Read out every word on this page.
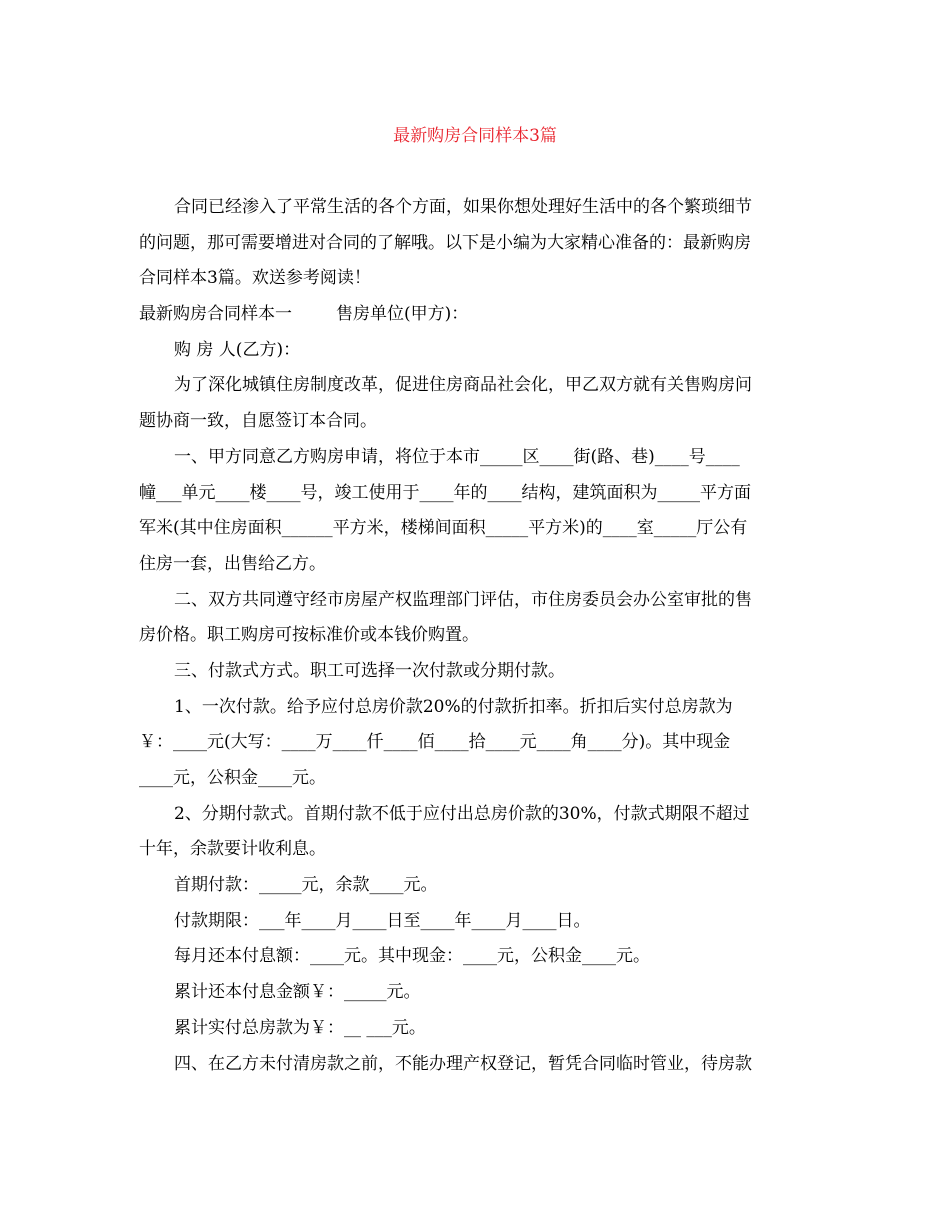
最新购房合同样本3篇
合同已经渗入了平常生活的各个方面，如果你想处理好生活中的各个繁琐细节
的问题，那可需要增进对合同的了解哦。以下是小编为大家精心准备的：最新购房
合同样本3篇。欢送参考阅读！
最新购房合同样本一	售房单位(甲方)：
购 房 人(乙方)：
为了深化城镇住房制度改革，促进住房商品社会化，甲乙双方就有关售购房问
题协商一致，自愿签订本合同。
一、甲方同意乙方购房申请，将位于本市_____区____街(路、巷)____号____
幢___单元____楼____号，竣工使用于____年的____结构，建筑面积为_____平方面
军米(其中住房面积______平方米，楼梯间面积_____平方米)的____室_____厅公有
住房一套，出售给乙方。
二、双方共同遵守经市房屋产权监理部门评估，市住房委员会办公室审批的售
房价格。职工购房可按标准价或本钱价购置。
三、付款式方式。职工可选择一次付款或分期付款。
1、一次付款。给予应付总房价款20%的付款折扣率。折扣后实付总房款为
￥：____元(大写：____万____仟____佰____拾____元____角____分)。其中现金
____元，公积金____元。
2、分期付款式。首期付款不低于应付出总房价款的30%，付款式期限不超过
十年，余款要计收利息。
首期付款：_____元，余款____元。
付款期限：___年____月____日至____年____月____日。
每月还本付息额：____元。其中现金：____元，公积金____元。
累计还本付息金额￥：_____元。
累计实付总房款为￥：__ ___元。
四、在乙方未付清房款之前，不能办理产权登记，暂凭合同临时管业，待房款
